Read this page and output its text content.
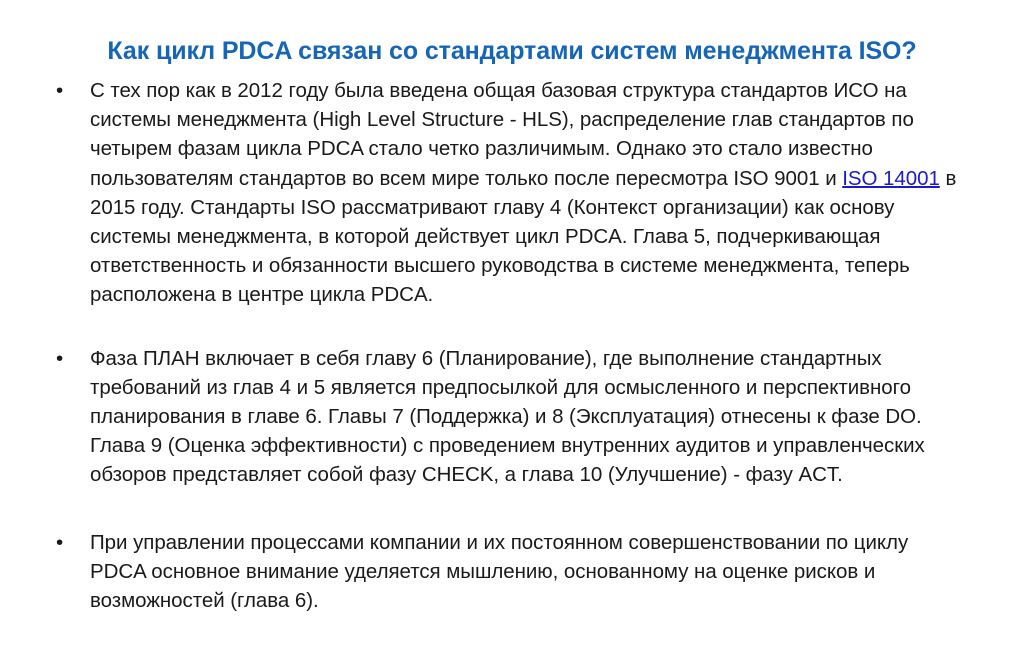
Как цикл PDCA связан со стандартами систем менеджмента ISO?
•	С тех пор как в 2012 году была введена общая базовая структура стандартов ИСО на системы менеджмента (High Level Structure - HLS), распределение глав стандартов по четырем фазам цикла PDCA стало четко различимым. Однако это стало известно пользователям стандартов во всем мире только после пересмотра ISO 9001 и ISO 14001 в 2015 году. Стандарты ISO рассматривают главу 4 (Контекст организации) как основу системы менеджмента, в которой действует цикл PDCA. Глава 5, подчеркивающая ответственность и обязанности высшего руководства в системе менеджмента, теперь расположена в центре цикла PDCA.
•	Фаза ПЛАН включает в себя главу 6 (Планирование), где выполнение стандартных требований из глав 4 и 5 является предпосылкой для осмысленного и перспективного планирования в главе 6. Главы 7 (Поддержка) и 8 (Эксплуатация) отнесены к фазе DO. Глава 9 (Оценка эффективности) с проведением внутренних аудитов и управленческих обзоров представляет собой фазу CHECK, а глава 10 (Улучшение) - фазу ACT.
•	При управлении процессами компании и их постоянном совершенствовании по циклу PDCA основное внимание уделяется мышлению, основанному на оценке рисков и возможностей (глава 6).
